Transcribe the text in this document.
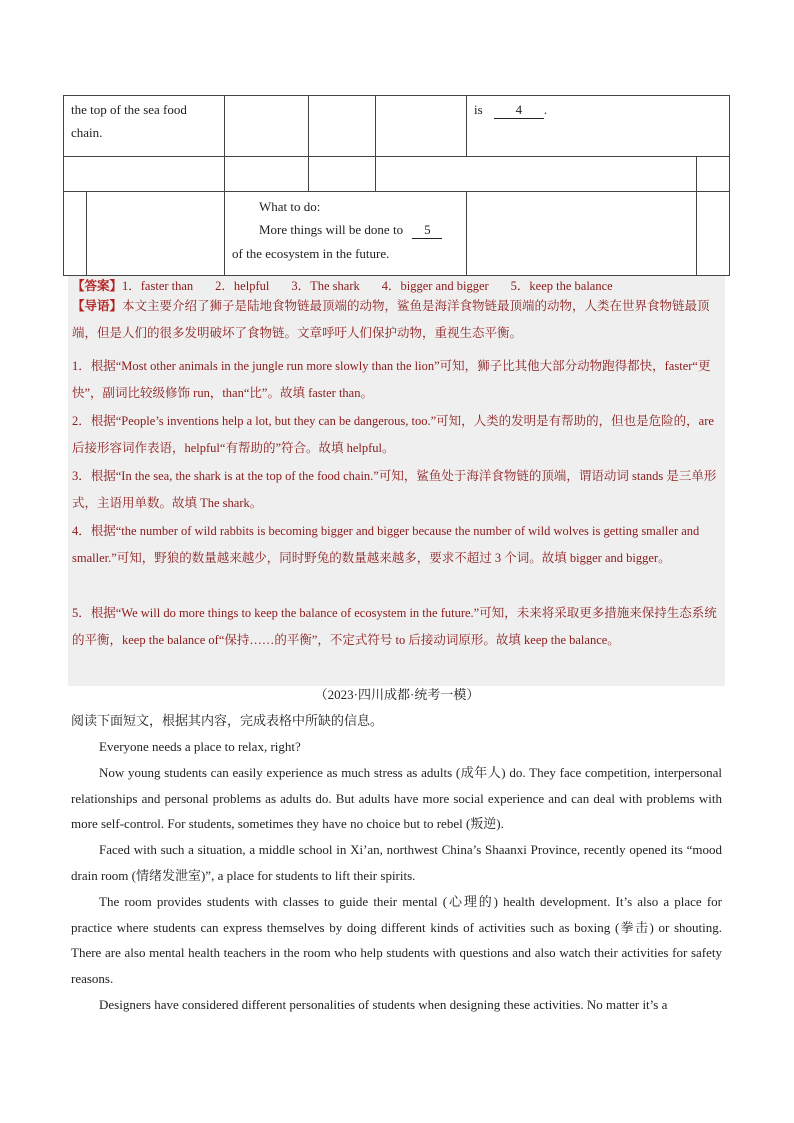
the top of the sea food chain.
is	4 .
What to do:
More things will be done to 5
of the ecosystem in the future.
【答案】1．faster than 2．helpful 3．The shark 4．bigger and bigger 5．keep the balance
【导语】本文主要介绍了狮子是陆地食物链最顶端的动物，鲨鱼是海洋食物链最顶端的动物，人类在世界食物链最顶端，但是人们的很多发明破坏了食物链。文章呼吁人们保护动物，重视生态平衡。
1．根据“Most other animals in the jungle run more slowly than the lion”可知，狮子比其他大部分动物跑得都快，faster“更快”，副词比较级修饰 run，than“比”。故填 faster than。
2．根据“People’s inventions help a lot, but they can be dangerous, too.”可知，人类的发明是有帮助的，但也是危险的，are 后接形容词作表语，helpful“有帮助的”符合。故填 helpful。
3．根据“In the sea, the shark is at the top of the food chain.”可知，鲨鱼处于海洋食物链的顶端，谓语动词 stands 是三单形式，主语用单数。故填 The shark。
4．根据“the number of wild rabbits is becoming bigger and bigger because the number of wild wolves is getting smaller and smaller.”可知，野狼的数量越来越少，同时野兔的数量越来越多，要求不超过 3 个词。故填 bigger and bigger。
5．根据“We will do more things to keep the balance of ecosystem in the future.”可知，未来将采取更多措施来保持生态系统的平衡，keep the balance of“保持……的平衡”，不定式符号 to 后接动词原形。故填 keep the balance。
（2023·四川成都·统考一模）
阅读下面短文，根据其内容，完成表格中所缺的信息。
Everyone needs a place to relax, right?
Now young students can easily experience as much stress as adults (成年人) do. They face competition, interpersonal relationships and personal problems as adults do. But adults have more social experience and can deal with problems with more self-control. For students, sometimes they have no choice but to rebel (叛逆).
Faced with such a situation, a middle school in Xi’an, northwest China’s Shaanxi Province, recently opened its “mood drain room (情绪发泄室)”, a place for students to lift their spirits.
The room provides students with classes to guide their mental (心理的) health development. It’s also a place for practice where students can express themselves by doing different kinds of activities such as boxing (拳击) or shouting. There are also mental health teachers in the room who help students with questions and also watch their activities for safety reasons.
Designers have considered different personalities of students when designing these activities. No matter it’s a
